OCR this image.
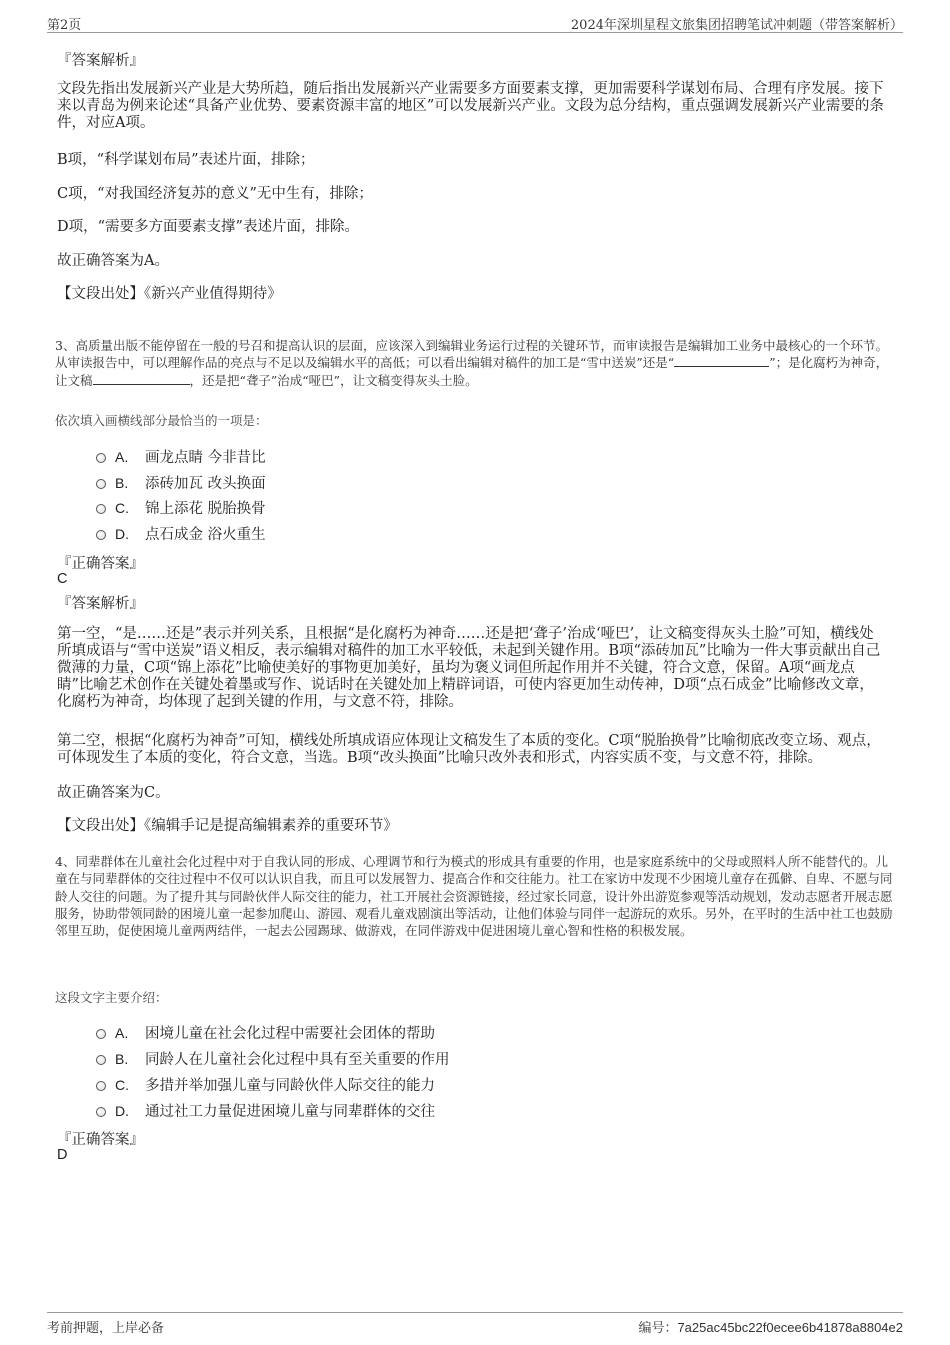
第2页	2024年深圳星程文旅集团招聘笔试冲刺题（带答案解析）
『答案解析』

文段先指出发展新兴产业是大势所趋，随后指出发展新兴产业需要多方面要素支撑，更加需要科学谋划布局、合理有序发展。接下来以青岛为例来论述“具备产业优势、要素资源丰富的地区”可以发展新兴产业。文段为总分结构，重点强调发展新兴产业需要的条件，对应A项。

B项，“科学谋划布局”表述片面，排除；
C项，“对我国经济复苏的意义”无中生有，排除；
D项，“需要多方面要素支撑”表述片面，排除。
故正确答案为A。
【文段出处】《新兴产业值得期待》

3、高质量出版不能停留在一般的号召和提高认识的层面，应该深入到编辑业务运行过程的关键环节，而审读报告是编辑加工业务中最核心的一个环节。从审读报告中，可以理解作品的亮点与不足以及编辑水平的高低；可以看出编辑对稿件的加工是“雪中送炭”还是“	”；是化腐朽为神奇，让文稿	，还是把“聋子”治成“哑巴”，让文稿变得灰头土脸。

依次填入画横线部分最恰当的一项是：
A. 画龙点睛 今非昔比
B. 添砖加瓦 改头换面
C. 锦上添花 脱胎换骨
D. 点石成金 浴火重生
『正确答案』
C
『答案解析』

第一空，“是……还是”表示并列关系，且根据“是化腐朽为神奇……还是把‘聋子’治成‘哑巴’，让文稿变得灰头土脸”可知，横线处所填成语与“雪中送炭”语义相反，表示编辑对稿件的加工水平较低，未起到关键作用。B项“添砖加瓦”比喻为一件大事贡献出自己微薄的力量，C项“锦上添花”比喻使美好的事物更加美好，虽均为褒义词但所起作用并不关键，符合文意，保留。A项“画龙点睛”比喻艺术创作在关键处着墨或写作、说话时在关键处加上精辟词语，可使内容更加生动传神，D项“点石成金”比喻修改文章，化腐朽为神奇，均体现了起到关键的作用，与文意不符，排除。

第二空，根据“化腐朽为神奇”可知，横线处所填成语应体现让文稿发生了本质的变化。C项“脱胎换骨”比喻彻底改变立场、观点，可体现发生了本质的变化，符合文意，当选。B项“改头换面”比喻只改外表和形式，内容实质不变，与文意不符，排除。

故正确答案为C。
【文段出处】《编辑手记是提高编辑素养的重要环节》

4、同辈群体在儿童社会化过程中对于自我认同的形成、心理调节和行为模式的形成具有重要的作用，也是家庭系统中的父母或照料人所不能替代的。儿童在与同辈群体的交往过程中不仅可以认识自我，而且可以发展智力、提高合作和交往能力。社工在家访中发现不少困境儿童存在孤僻、自卑、不愿与同龄人交往的问题。为了提升其与同龄伙伴人际交往的能力，社工开展社会资源链接，经过家长同意，设计外出游览参观等活动规划，发动志愿者开展志愿服务，协助带领同龄的困境儿童一起参加爬山、游园、观看儿童戏剧演出等活动，让他们体验与同伴一起游玩的欢乐。另外，在平时的生活中社工也鼓励邻里互助，促使困境儿童两两结伴，一起去公园踢球、做游戏，在同伴游戏中促进困境儿童心智和性格的积极发展。

这段文字主要介绍：
A. 困境儿童在社会化过程中需要社会团体的帮助
B. 同龄人在儿童社会化过程中具有至关重要的作用
C. 多措并举加强儿童与同龄伙伴人际交往的能力
D. 通过社工力量促进困境儿童与同辈群体的交往
『正确答案』
D
考前押题，上岸必备	编号：7a25ac45bc22f0ecee6b41878a8804e2
